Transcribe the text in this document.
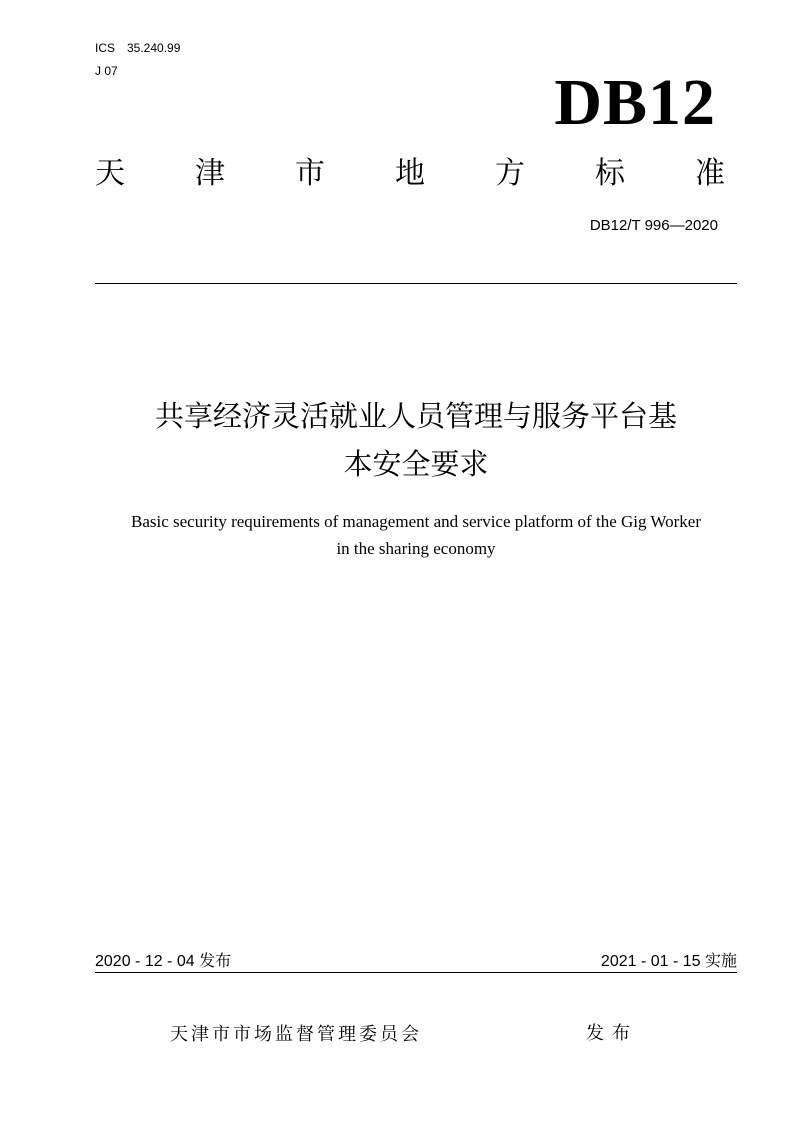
ICS　35.240.99
J 07	DB12
天 津 市 地 方 标 准
DB12/T 996—2020
共享经济灵活就业人员管理与服务平台基
本安全要求
Basic security requirements of management and service platform of the Gig Worker
in the sharing economy
2020 - 12 - 04 发布	2021 - 01 - 15 实施
天津市市场监督管理委员会	发布
